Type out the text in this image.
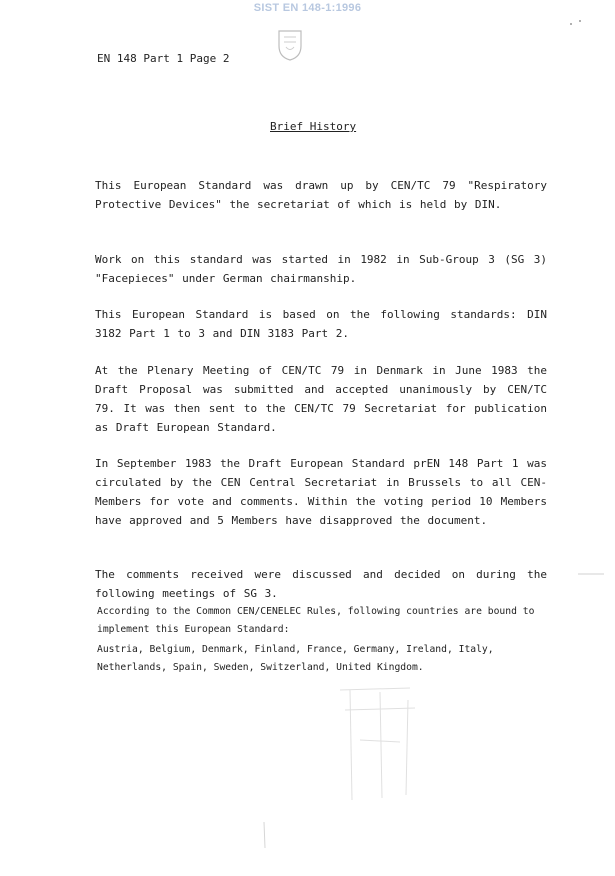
SIST EN 148-1:1996
EN 148 Part 1 Page 2
Brief History

This European Standard was drawn up by CEN/TC 79 "Respiratory Protective Devices" the secretariat of which is held by DIN.

Work on this standard was started in 1982 in Sub-Group 3 (SG 3) "Facepieces" under German chairmanship.

This European Standard is based on the following standards: DIN 3182 Part 1 to 3 and DIN 3183 Part 2.

At the Plenary Meeting of CEN/TC 79 in Denmark in June 1983 the Draft Proposal was submitted and accepted unanimously by CEN/TC 79. It was then sent to the CEN/TC 79 Secretariat for publication as Draft European Standard.

In September 1983 the Draft European Standard prEN 148 Part 1 was circulated by the CEN Central Secretariat in Brussels to all CEN-Members for vote and comments. Within the voting period 10 Members have approved and 5 Members have disapproved the document.

The comments received were discussed and decided on during the following meetings of SG 3.

According to the Common CEN/CENELEC Rules, following countries are bound to implement this European Standard:

Austria, Belgium, Denmark, Finland, France, Germany, Ireland, Italy, Netherlands, Spain, Sweden, Switzerland, United Kingdom.
